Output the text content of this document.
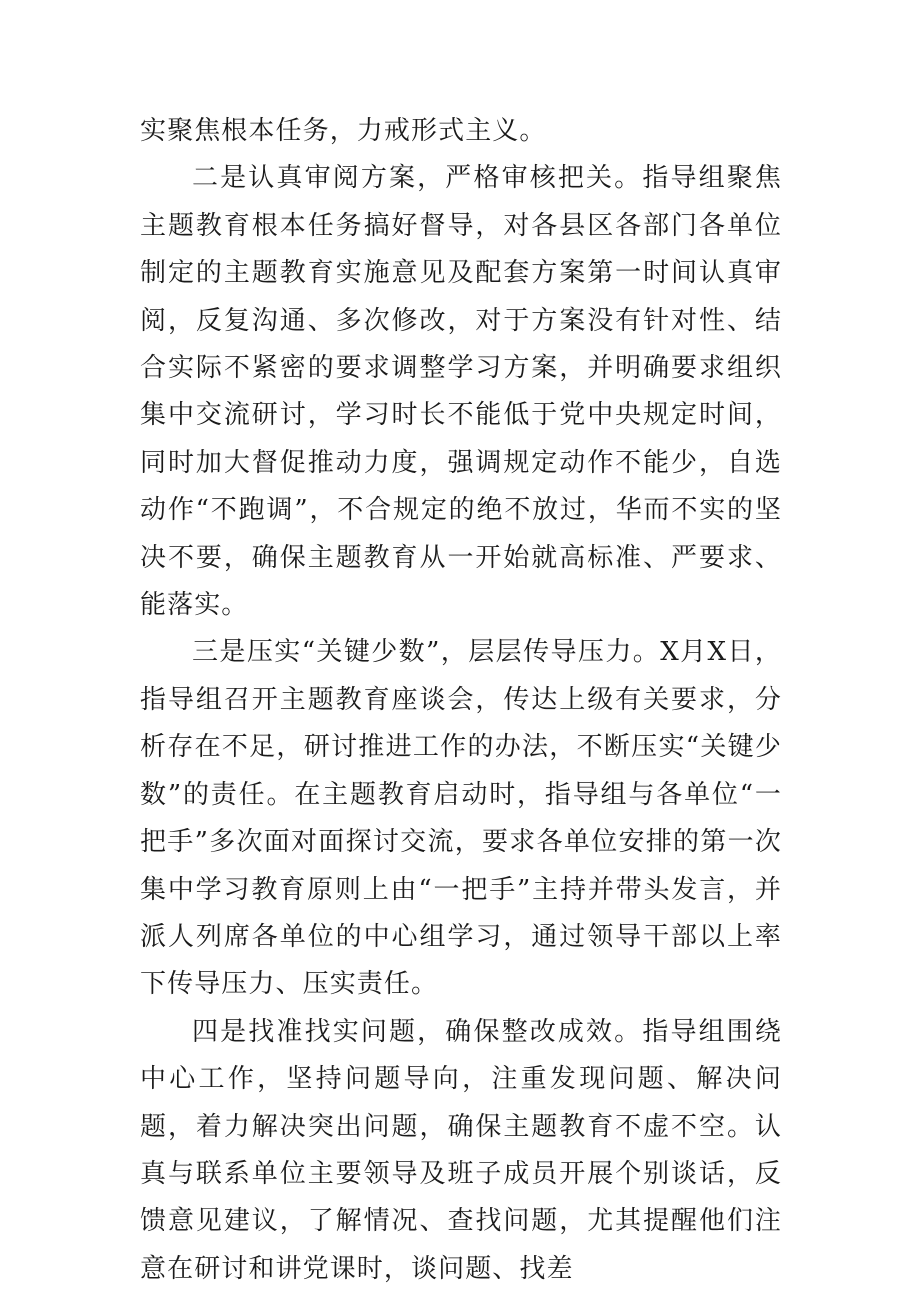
实聚焦根本任务，力戒形式主义。

二是认真审阅方案，严格审核把关。指导组聚焦主题教育根本任务搞好督导，对各县区各部门各单位制定的主题教育实施意见及配套方案第一时间认真审阅，反复沟通、多次修改，对于方案没有针对性、结合实际不紧密的要求调整学习方案，并明确要求组织集中交流研讨，学习时长不能低于党中央规定时间，同时加大督促推动力度，强调规定动作不能少，自选动作“不跑调”，不合规定的绝不放过，华而不实的坚决不要，确保主题教育从一开始就高标准、严要求、能落实。

三是压实“关键少数”，层层传导压力。X月X日，指导组召开主题教育座谈会，传达上级有关要求，分析存在不足，研讨推进工作的办法，不断压实“关键少数”的责任。在主题教育启动时，指导组与各单位“一把手”多次面对面探讨交流，要求各单位安排的第一次集中学习教育原则上由“一把手”主持并带头发言，并派人列席各单位的中心组学习，通过领导干部以上率下传导压力、压实责任。

四是找准找实问题，确保整改成效。指导组围绕中心工作，坚持问题导向，注重发现问题、解决问题，着力解决突出问题，确保主题教育不虚不空。认真与联系单位主要领导及班子成员开展个别谈话，反馈意见建议，了解情况、查找问题，尤其提醒他们注意在研讨和讲党课时，谈问题、找差
